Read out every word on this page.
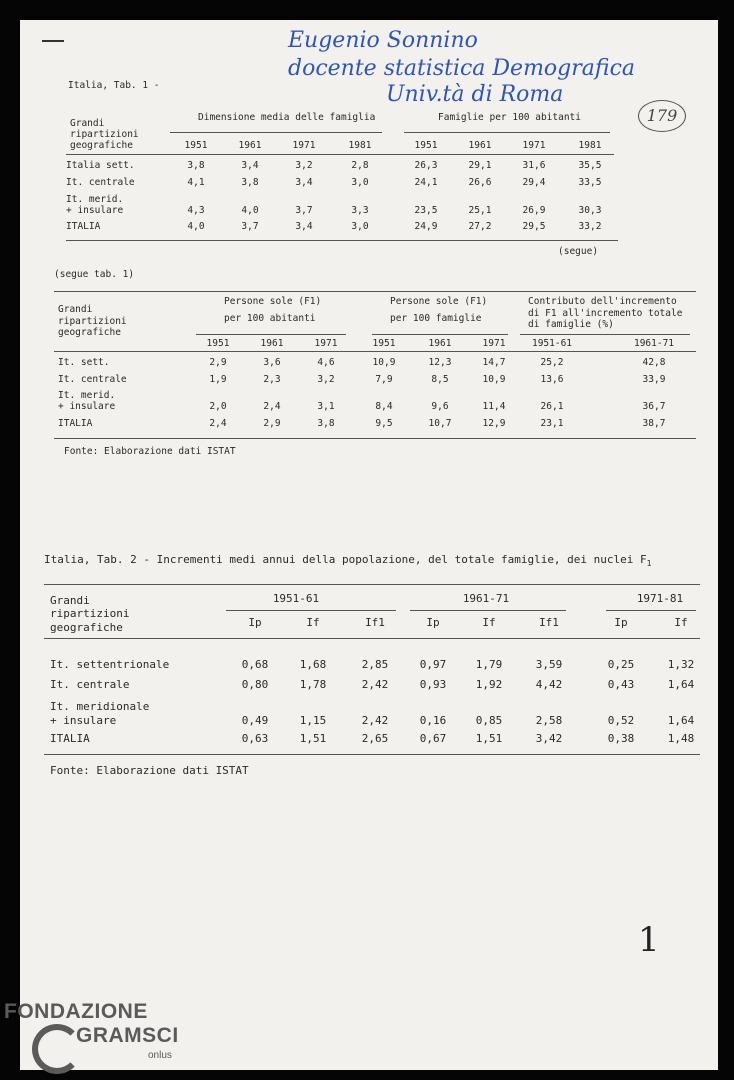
Eugenio Sonnino
docente statistica Demografica
Univ.tà di Roma
179
Italia, Tab. 1 -
Grandi
ripartizioni
geografiche
Dimensione media delle famiglia	Famiglie per 100 abitanti
1951	1961	1971	1981	1951	1961	1971	1981
Italia sett.	3,8	3,4	3,2	2,8	26,3	29,1	31,6	35,5
It. centrale	4,1	3,8	3,4	3,0	24,1	26,6	29,4	33,5
It. merid.
+ insulare	4,3	4,0	3,7	3,3	23,5	25,1	26,9	30,3
ITALIA	4,0	3,7	3,4	3,0	24,9	27,2	29,5	33,2
(segue)
(segue tab. 1)
Grandi
ripartizioni
geografiche
Persone sole (F1)
per 100 abitanti
Persone sole (F1)
per 100 famiglie
Contributo dell'incremento
di F1 all'incremento totale
di famiglie (%)
1951	1961	1971	1951	1961	1971	1951-61	1961-71
It. sett.	2,9	3,6	4,6	10,9	12,3	14,7	25,2	42,8
It. centrale	1,9	2,3	3,2	7,9	8,5	10,9	13,6	33,9
It. merid.
+ insulare	2,0	2,4	3,1	8,4	9,6	11,4	26,1	36,7
ITALIA	2,4	2,9	3,8	9,5	10,7	12,9	23,1	38,7
Fonte: Elaborazione dati ISTAT
Italia, Tab. 2 - Incrementi medi annui della popolazione, del totale famiglie, dei nuclei $F_1$
Grandi
ripartizioni
geografiche
1951-61	1961-71	1971-81
Ip	If	If1	Ip	If	If1	Ip	If
It. settentrionale	0,68	1,68	2,85	0,97	1,79	3,59	0,25	1,32
It. centrale	0,80	1,78	2,42	0,93	1,92	4,42	0,43	1,64
It. meridionale
+ insulare	0,49	1,15	2,42	0,16	0,85	2,58	0,52	1,64
ITALIA	0,63	1,51	2,65	0,67	1,51	3,42	0,38	1,48
Fonte: Elaborazione dati ISTAT
1
FONDAZIONE
GRAMSCI
onlus
